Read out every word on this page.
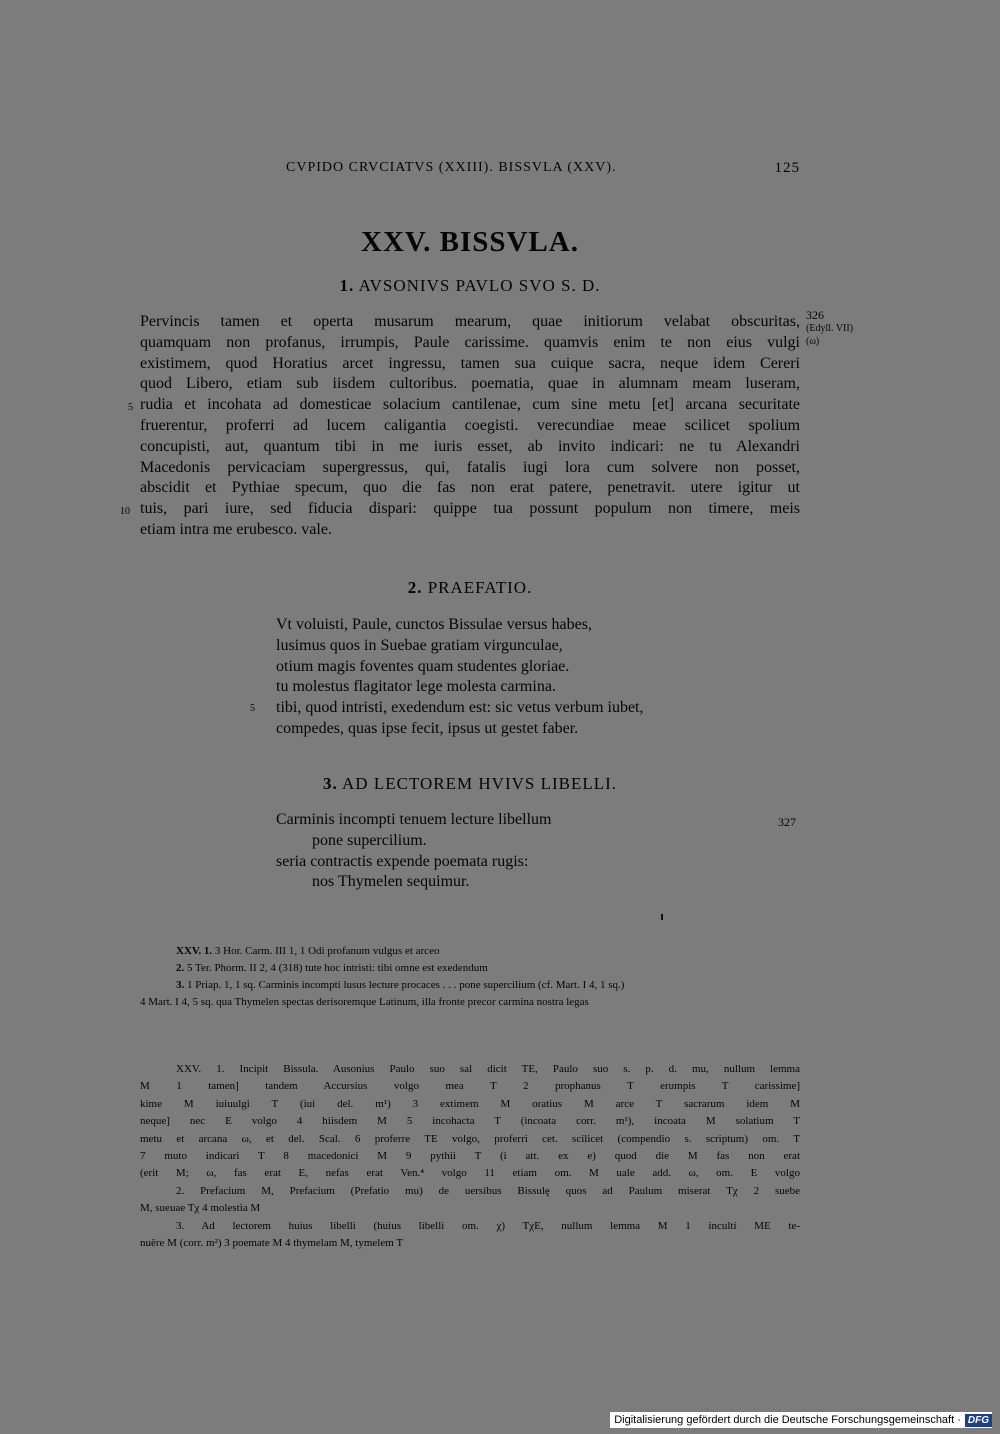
CVPIDO CRVCIATVS (XXIII). BISSVLA (XXV).	125
XXV. BISSVLA.
1. AVSONIVS PAVLO SVO S. D.
326
(Edyll. VII)
(ω)
Pervincis tamen et operta musarum mearum, quae initiorum velabat obscuritas,
quamquam non profanus, irrumpis, Paule carissime. quamvis enim te non eius vulgi
existimem, quod Horatius arcet ingressu, tamen sua cuique sacra, neque idem Cereri
quod Libero, etiam sub iisdem cultoribus. poematia, quae in alumnam meam luseram,
rudia et incohata ad domesticae solacium cantilenae, cum sine metu [et] arcana securitate
fruerentur, proferri ad lucem caligantia coegisti. verecundiae meae scilicet spolium
concupisti, aut, quantum tibi in me iuris esset, ab invito indicari: ne tu Alexandri
Macedonis pervicaciam supergressus, qui, fatalis iugi lora cum solvere non posset,
abscidit et Pythiae specum, quo die fas non erat patere, penetravit. utere igitur ut
tuis, pari iure, sed fiducia dispari: quippe tua possunt populum non timere, meis
etiam intra me erubesco. vale.
5
10
2. PRAEFATIO.
Vt voluisti, Paule, cunctos Bissulae versus habes,
lusimus quos in Suebae gratiam virgunculae,
otium magis foventes quam studentes gloriae.
tu molestus flagitator lege molesta carmina.
tibi, quod intristi, exedendum est: sic vetus verbum iubet,
compedes, quas ipse fecit, ipsus ut gestet faber.
5
3. AD LECTOREM HVIVS LIBELLI.
Carminis incompti tenuem lecture libellum
pone supercilium.
seria contractis expende poemata rugis:
nos Thymelen sequimur.
327
XXV. 1. 3 Hor. Carm. III 1, 1 Odi profanum vulgus et arceo
2. 5 Ter. Phorm. II 2, 4 (318) tute hoc intristi: tibi omne est exedendum
3. 1 Priap. 1, 1 sq. Carminis incompti lusus lecture procaces . . . pone supercilium (cf. Mart. I 4, 1 sq.)
4 Mart. I 4, 5 sq. qua Thymelen spectas derisoremque Latinum, illa fronte precor carmina nostra legas
XXV. 1. Incipit Bissula. Ausonius Paulo suo sal dicit TE, Paulo suo s. p. d. mu, nullum lemma
M 1 tamen] tandem Accursius volgo mea T 2 prophanus T erumpis T carissime]
kime M iuiuulgi T (iui del. m¹) 3 extimem M oratius M arce T sacrarum idem M
neque] nec E volgo 4 hiisdem M 5 incohacta T (incoata corr. m¹), incoata M solatium T
metu et arcana ω, et del. Scal. 6 proferre TE volgo, proferri cet. scilicet (compendio s. scriptum) om. T
7 muto indicari T 8 macedonici M 9 pythii T (i att. ex e) quod die M fas non erat
(erit M; ω, fas erat E, nefas erat Ven.⁴ volgo 11 etiam om. M uale add. ω, om. E volgo
2. Prefacium M, Prefacium (Prefatio mu) de uersibus Bissulę quos ad Paulum miserat Tχ 2 suebe
M, sueuae Tχ 4 molestia M
3. Ad lectorem huius libelli (huius libelli om. χ) TχE, nullum lemma M 1 inculti ME te-
nuēre M (corr. m²) 3 poemate M 4 thymelam M, tymelem T
Digitalisierung gefördert durch die Deutsche Forschungsgemeinschaft · DFG
